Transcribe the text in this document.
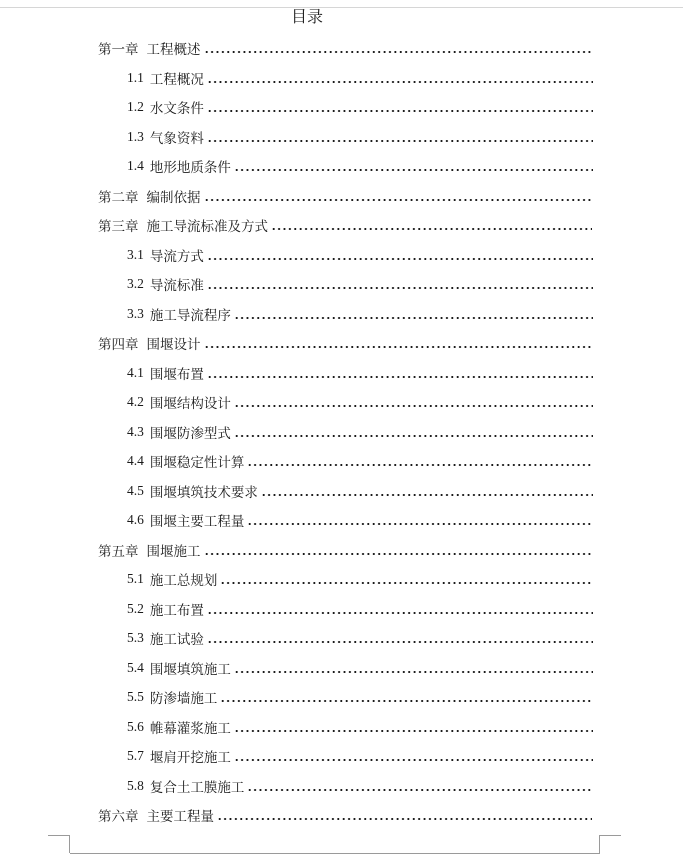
目录
第一章 工程概述
1.1 工程概况
1.2 水文条件
1.3 气象资料
1.4 地形地质条件
第二章 编制依据
第三章 施工导流标准及方式
3.1 导流方式
3.2 导流标准
3.3 施工导流程序
第四章 围堰设计
4.1 围堰布置
4.2 围堰结构设计
4.3 围堰防渗型式
4.4 围堰稳定性计算
4.5 围堰填筑技术要求
4.6 围堰主要工程量
第五章 围堰施工
5.1 施工总规划
5.2 施工布置
5.3 施工试验
5.4 围堰填筑施工
5.5 防渗墙施工
5.6 帷幕灌浆施工
5.7 堰肩开挖施工
5.8 复合土工膜施工
第六章 主要工程量
